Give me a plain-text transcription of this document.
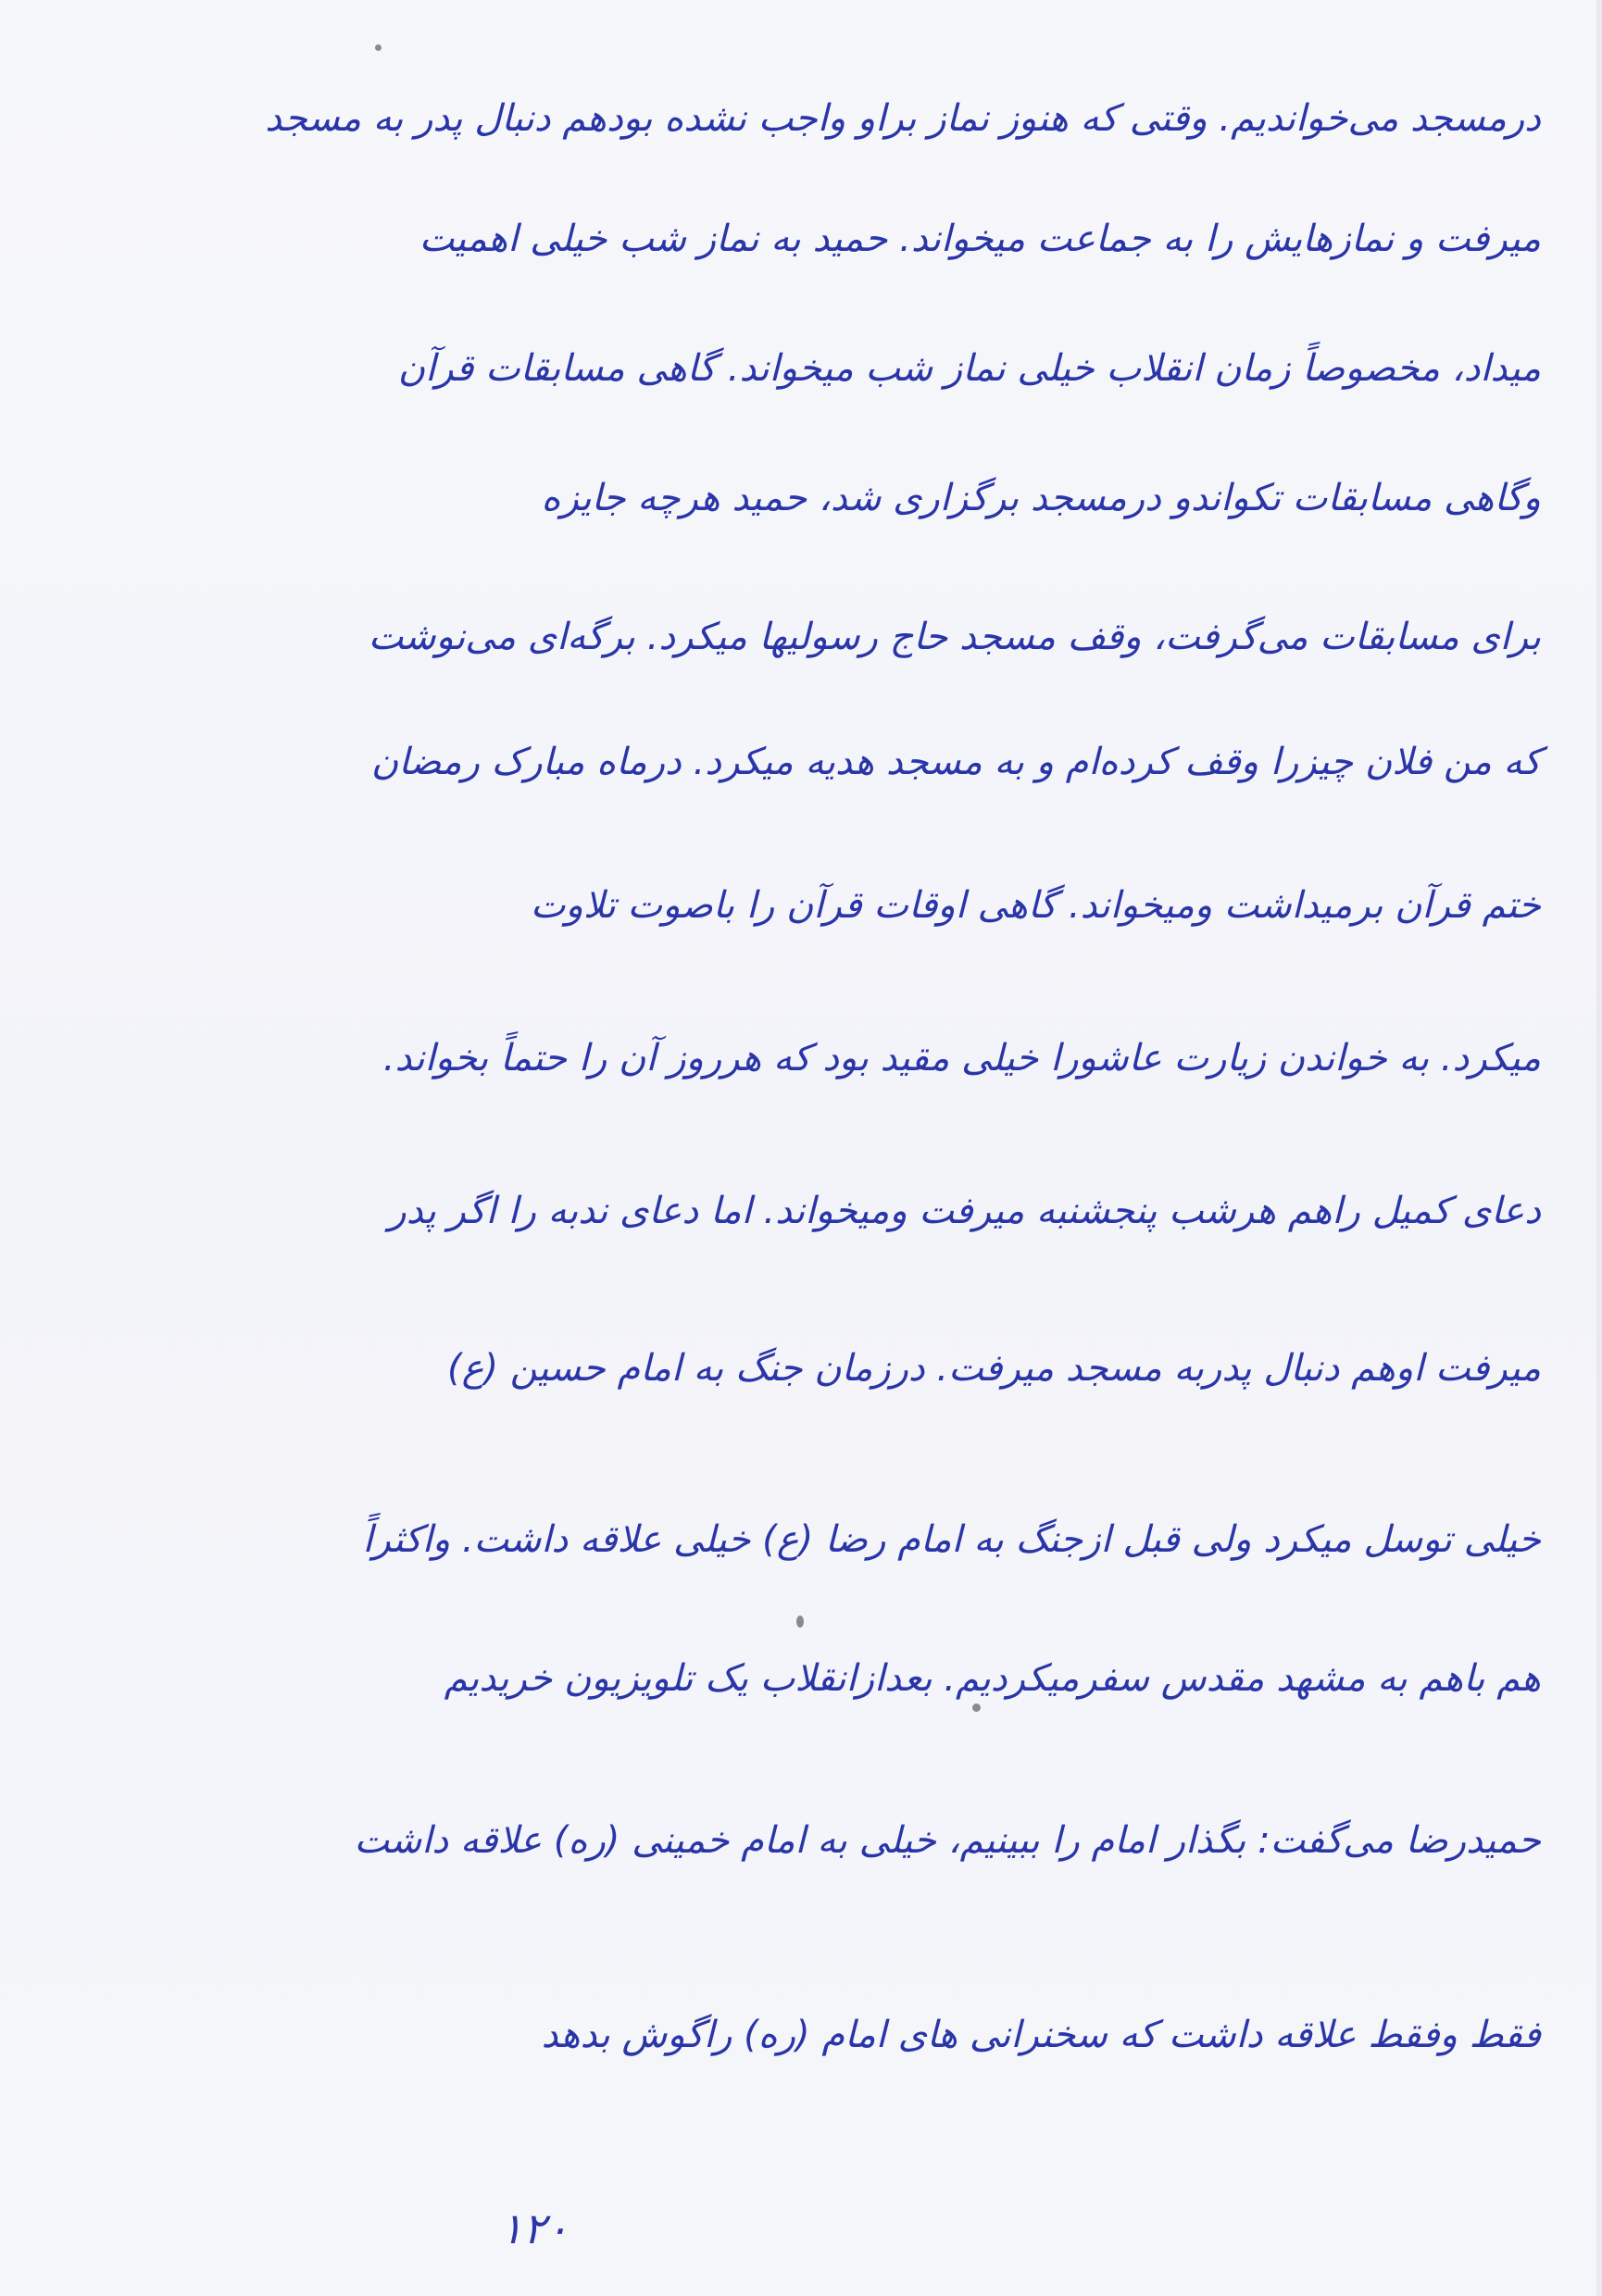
درمسجد می‌خواندیم. وقتی که هنوز نماز براو واجب نشده بودهم دنبال پدر به مسجد
میرفت و نمازهایش را به جماعت میخواند. حمید به نماز شب خیلی اهمیت
میداد، مخصوصاً زمان انقلاب خیلی نماز شب میخواند. گاهی مسابقات قرآن
وگاهی مسابقات تکواندو درمسجد برگزاری شد، حمید هرچه جایزه
برای مسابقات می‌گرفت، وقف مسجد حاج رسولیها میکرد. برگه‌ای می‌نوشت
که من فلان چیزرا وقف کرده‌ام و به مسجد هدیه میکرد. درماه مبارک رمضان
ختم قرآن برمیداشت ومیخواند. گاهی اوقات قرآن را باصوت تلاوت
میکرد. به خواندن زیارت عاشورا خیلی مقید بود که هرروز آن را حتماً بخواند.
دعای کمیل راهم هرشب پنجشنبه میرفت ومیخواند. اما دعای ندبه را اگر پدر
میرفت اوهم دنبال پدربه مسجد میرفت. درزمان جنگ به امام حسین (ع)
خیلی توسل میکرد ولی قبل ازجنگ به امام رضا (ع) خیلی علاقه داشت. واکثراً
هم باهم به مشهد مقدس سفرمیکردیم. بعدازانقلاب یک تلویزیون خریدیم
حمیدرضا می‌گفت: بگذار امام را ببینیم، خیلی به امام خمینی (ره) علاقه داشت
فقط وفقط علاقه داشت که سخنرانی های امام (ره) راگوش بدهد
۱۲۰
